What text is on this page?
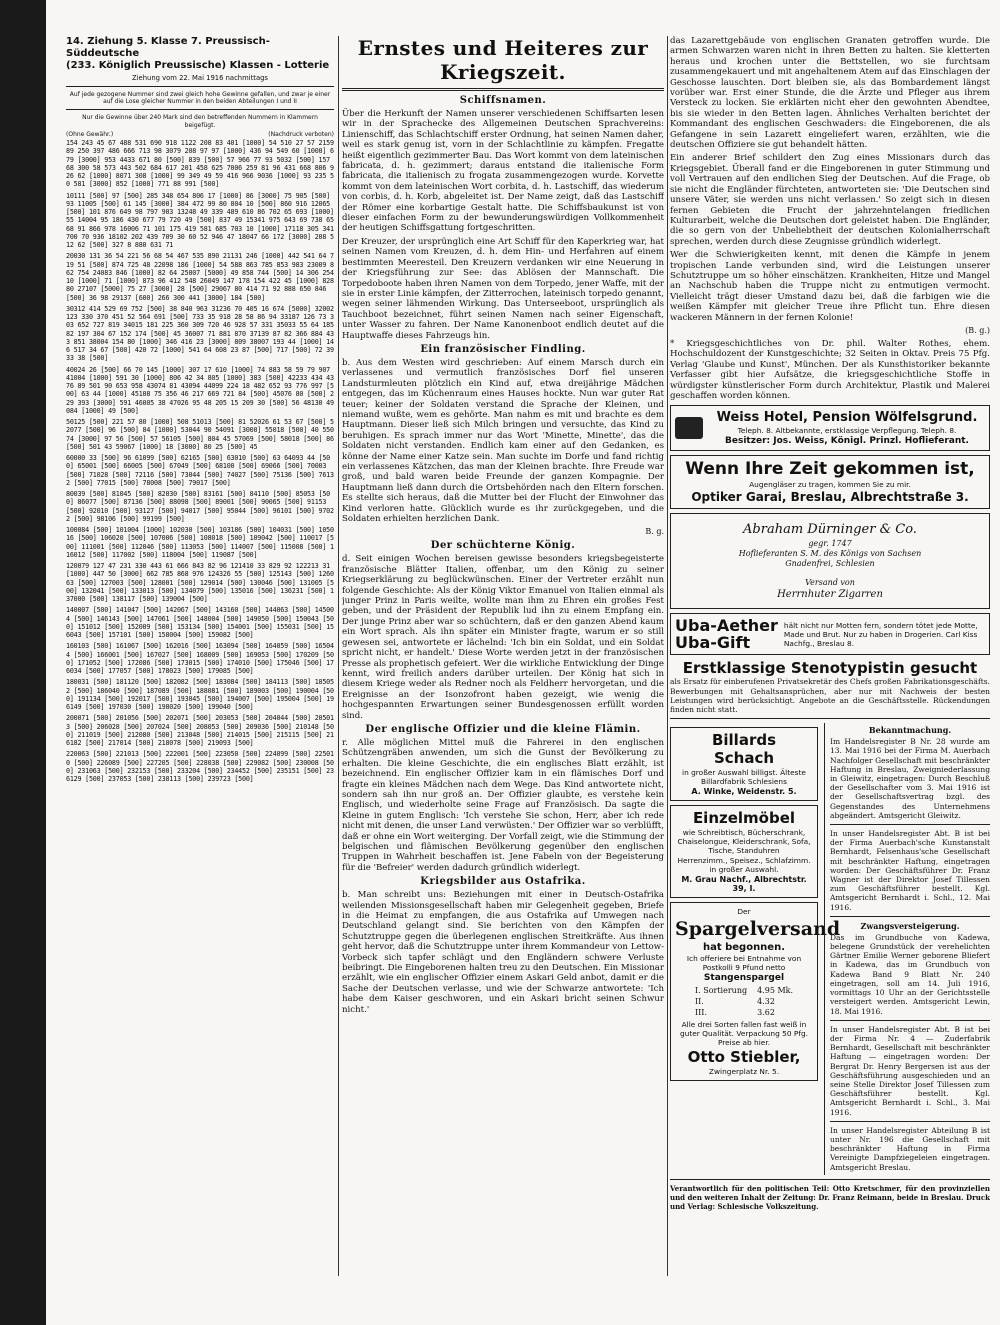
14. Ziehung 5. Klasse 7. Preussisch-Süddeutsche

(233. Königlich Preussische) Klassen - Lotterie

Ziehung vom 22. Mai 1916 nachmittags

Auf jede gezogene Nummer sind zwei gleich hohe Gewinne gefallen, und zwar je einer auf die Lose gleicher Nummer in den beiden Abteilungen I und II

Nur die Gewinne über 240 Mark sind den betreffenden Nummern in Klammern beigefügt.

(Ohne Gewähr.)	(Nachdruck verboten)

154 243 45 67 488 531 690 918 1122 208 83 401 [1000] 54 510 27 57 2159 89 250 397 486 666 713 98 3079 208 97 97 [1000] 436 94 549 60 [1000] 679 [3000] 953 4433 671 80 [500] 839 [500] 57 966 77 93 5032 [500] 157 68 300 58 573 443 502 684 617 201 458 625 7006 259 81 96 431 668 806 926 62 [1000] 8071 308 [1000] 99 349 49 59 416 966 9036 [1000] 93 235 50 581 [3000] 852 [1000] 771 88 991 [500]

10111 [500] 97 [500] 285 348 654 806 17 [1000] 86 [3000] 75 905 [500] 93 11005 [500] 61 145 [3000] 384 472 99 80 804 10 [500] 860 916 12065 [500] 101 876 649 98 797 903 13248 49 339 489 610 86 702 65 693 [1000] 55 14004 95 186 430 677 79 720 49 [500] 837 49 15341 975 643 69 738 65 68 91 866 978 16006 71 101 175 419 581 685 703 10 [1000] 17118 305 341 700 70 936 18102 202 439 709 30 60 52 946 47 18047 66 172 [3000] 208 512 62 [500] 327 8 880 631 71

20030 131 36 54 221 56 68 54 467 535 890 21131 246 [1000] 442 541 64 719 51 [500] 874 725 48 22098 186 [1000] 54 588 863 785 853 983 23009 862 754 24083 846 [1000] 82 64 25007 [5000] 49 858 744 [500] 14 306 25410 [1000] 71 [1000] 873 96 412 548 26049 147 178 154 422 45 [1000] 828 80 27107 [5000] 75 27 [3000] 28 [500] 29067 80 414 71 92 888 650 846 [500] 36 98 29137 [600] 266 300 441 [3000] 184 [500]

30312 414 529 69 752 [500] 38 840 963 31236 70 405 16 674 [5000] 32002 123 330 370 451 52 564 691 [500] 733 35 918 28 58 86 94 33187 126 73 303 652 727 819 34015 181 225 360 309 720 46 928 57 331 35033 55 64 185 82 197 304 67 152 174 [500] 45 36007 71 881 870 37139 87 82 366 884 433 851 38004 154 80 [1000] 346 416 23 [3000] 809 38007 193 44 [1000] 146 517 34 67 [500] 420 72 [1000] 541 64 608 23 87 [500] 717 [500] 72 39 33 38 [500]

40024 26 [500] 66 70 145 [1000] 307 17 610 [1000] 74 883 58 59 79 907 41004 [1000] 591 30 [1000] 806 42 34 805 [1000] 383 [500] 42233 434 43 76 89 501 90 653 958 43074 81 43094 44099 224 18 482 652 93 776 997 [500] 63 44 [1000] 45108 75 356 46 217 669 721 84 [500] 45076 80 [500] 229 393 [3000] 591 46005 38 47026 95 48 205 15 209 30 [500] 56 48130 49084 [1000] 49 [500]

50125 [500] 221 57 80 [1000] 508 51013 [500] 81 52026 61 53 67 [500] 52077 [500] 96 [500] 84 [1000] 53044 90 54091 [3000] 55018 [500] 40 55074 [3000] 97 56 [500] 57 56105 [500] 804 45 57069 [500] 58018 [500] 86 [500] 501 43 59067 [1000] 18 [3000] 80 25 [500] 45

60000 33 [500] 96 61099 [500] 62165 [500] 63010 [500] 63 64093 44 [500] 65001 [500] 66005 [500] 67049 [500] 68100 [500] 69066 [500] 70003 [500] 71028 [500] 72116 [500] 73044 [500] 74027 [500] 75136 [500] 76132 [500] 77015 [500] 78008 [500] 79017 [500]

80039 [500] 81045 [500] 82030 [500] 83161 [500] 84110 [500] 85053 [500] 86077 [500] 87136 [500] 88098 [500] 89001 [500] 90065 [500] 91153 [500] 92010 [500] 93127 [500] 94017 [500] 95044 [500] 96101 [500] 97022 [500] 98106 [500] 99199 [500]

100084 [500] 101004 [1000] 102030 [500] 103186 [500] 104031 [500] 105016 [500] 106020 [500] 107006 [500] 108018 [500] 109042 [500] 110017 [500] 111001 [500] 112046 [500] 113053 [500] 114007 [500] 115008 [500] 116012 [500] 117002 [500] 118004 [500] 119087 [500]

120079 127 47 231 330 443 61 666 843 82 96 121410 33 829 92 122213 31 [1000] 447 50 [3000] 662 785 868 976 124326 55 [500] 125143 [500] 126063 [500] 127003 [500] 128001 [500] 129014 [500] 130046 [500] 131005 [500] 132041 [500] 133013 [500] 134079 [500] 135016 [500] 136231 [500] 137000 [500] 138117 [500] 139004 [500]

140007 [500] 141047 [500] 142067 [500] 143160 [500] 144063 [500] 145004 [500] 146143 [500] 147061 [500] 148004 [500] 149050 [500] 150043 [500] 151012 [500] 152009 [500] 153134 [500] 154001 [500] 155031 [500] 156043 [500] 157101 [500] 158004 [500] 159082 [500]

160103 [500] 161067 [500] 162016 [500] 163094 [500] 164059 [500] 165044 [500] 166001 [500] 167027 [500] 168009 [500] 169053 [500] 170209 [500] 171052 [500] 172086 [500] 173015 [500] 174010 [500] 175046 [500] 176034 [500] 177057 [500] 178023 [500] 179085 [500]

180031 [500] 181120 [500] 182082 [500] 183084 [500] 184113 [500] 185052 [500] 186040 [500] 187089 [500] 188081 [500] 189003 [500] 190004 [500] 191134 [500] 192017 [500] 193045 [500] 194007 [500] 195004 [500] 196149 [500] 197030 [500] 198020 [500] 199040 [500]

200071 [500] 201056 [500] 202071 [500] 203053 [500] 204044 [500] 205013 [500] 206028 [500] 207024 [500] 208053 [500] 209036 [500] 210148 [500] 211019 [500] 212080 [500] 213048 [500] 214015 [500] 215115 [500] 216182 [500] 217014 [500] 218078 [500] 219093 [500]

220063 [500] 221013 [500] 222001 [500] 223050 [500] 224099 [500] 225010 [500] 226089 [500] 227205 [500] 228038 [500] 229082 [500] 230008 [500] 231063 [500] 232153 [500] 233204 [500] 234452 [500] 235151 [500] 236129 [500] 237053 [500] 238113 [500] 239723 [500]

Ernstes und Heiteres zur Kriegszeit.

Schiffsnamen.

Über die Herkunft der Namen unserer verschiedenen Schiffsarten lesen wir in der Sprachecke des Allgemeinen Deutschen Sprachvereins: Linienschiff, das Schlachtschiff erster Ordnung, hat seinen Namen daher, weil es stark genug ist, vorn in der Schlachtlinie zu kämpfen. Fregatte heißt eigentlich gezimmerter Bau. Das Wort kommt von dem lateinischen fabricata, d. h. gezimmert; daraus entstand die italienische Form fabricata, die italienisch zu frogata zusammengezogen wurde. Korvette kommt von dem lateinischen Wort corbita, d. h. Lastschiff, das wiederum von corbis, d. h. Korb, abgeleitet ist. Der Name zeigt, daß das Lastschiff der Römer eine korbartige Gestalt hatte. Die Schiffsbaukunst ist von dieser einfachen Form zu der bewunderungswürdigen Vollkommenheit der heutigen Schiffsgattung fortgeschritten.

Der Kreuzer, der ursprünglich eine Art Schiff für den Kaperkrieg war, hat seinen Namen vom Kreuzen, d. h. dem Hin- und Herfahren auf einem bestimmten Meeresteil. Den Kreuzern verdanken wir eine Neuerung in der Kriegsführung zur See: das Ablösen der Mannschaft. Die Torpedoboote haben ihren Namen von dem Torpedo, jener Waffe, mit der sie in erster Linie kämpfen, der Zitterrochen, lateinisch torpedo genannt, wegen seiner lähmenden Wirkung. Das Unterseeboot, ursprünglich als Tauchboot bezeichnet, führt seinen Namen nach seiner Eigenschaft, unter Wasser zu fahren. Der Name Kanonenboot endlich deutet auf die Hauptwaffe dieses Fahrzeugs hin.

Ein französischer Findling.

b. Aus dem Westen wird geschrieben: Auf einem Marsch durch ein verlassenes und vermutlich französisches Dorf fiel unseren Landsturmleuten plötzlich ein Kind auf, etwa dreijährige Mädchen entgegen, das im Küchenraum eines Hauses hockte. Nun war guter Rat teuer; keiner der Soldaten verstand die Sprache der Kleinen, und niemand wußte, wem es gehörte. Man nahm es mit und brachte es dem Hauptmann. Dieser ließ sich Milch bringen und versuchte, das Kind zu beruhigen. Es sprach immer nur das Wort 'Minette, Minette', das die Soldaten nicht verstanden. Endlich kam einer auf den Gedanken, es könne der Name einer Katze sein. Man suchte im Dorfe und fand richtig ein verlassenes Kätzchen, das man der Kleinen brachte. Ihre Freude war groß, und bald waren beide Freunde der ganzen Kompagnie. Der Hauptmann ließ dann durch die Ortsbehörden nach den Eltern forschen. Es stellte sich heraus, daß die Mutter bei der Flucht der Einwohner das Kind verloren hatte. Glücklich wurde es ihr zurückgegeben, und die Soldaten erhielten herzlichen Dank.

B. g.

Der schüchterne König.

d. Seit einigen Wochen bereisen gewisse besonders kriegsbegeisterte französische Blätter Italien, offenbar, um den König zu seiner Kriegserklärung zu beglückwünschen. Einer der Vertreter erzählt nun folgende Geschichte: Als der König Viktor Emanuel von Italien einmal als junger Prinz in Paris weilte, wollte man ihm zu Ehren ein großes Fest geben, und der Präsident der Republik lud ihn zu einem Empfang ein. Der junge Prinz aber war so schüchtern, daß er den ganzen Abend kaum ein Wort sprach. Als ihn später ein Minister fragte, warum er so still gewesen sei, antwortete er lächelnd: 'Ich bin ein Soldat, und ein Soldat spricht nicht, er handelt.' Diese Worte werden jetzt in der französischen Presse als prophetisch gefeiert. Wer die wirkliche Entwicklung der Dinge kennt, wird freilich anders darüber urteilen. Der König hat sich in diesem Kriege weder als Redner noch als Feldherr hervorgetan, und die Ereignisse an der Isonzofront haben gezeigt, wie wenig die hochgespannten Erwartungen seiner Bundesgenossen erfüllt worden sind.

Der englische Offizier und die kleine Flämin.

r. Alle möglichen Mittel muß die Fahrerei in den englischen Schützengräben anwenden, um sich die Gunst der Bevölkerung zu erhalten. Die kleine Geschichte, die ein englisches Blatt erzählt, ist bezeichnend. Ein englischer Offizier kam in ein flämisches Dorf und fragte ein kleines Mädchen nach dem Wege. Das Kind antwortete nicht, sondern sah ihn nur groß an. Der Offizier glaubte, es verstehe kein Englisch, und wiederholte seine Frage auf Französisch. Da sagte die Kleine in gutem Englisch: 'Ich verstehe Sie schon, Herr, aber ich rede nicht mit denen, die unser Land verwüsten.' Der Offizier war so verblüfft, daß er ohne ein Wort weiterging. Der Vorfall zeigt, wie die Stimmung der belgischen und flämischen Bevölkerung gegenüber den englischen Truppen in Wahrheit beschaffen ist. Jene Fabeln von der Begeisterung für die 'Befreier' werden dadurch gründlich widerlegt.

Kriegsbilder aus Ostafrika.

b. Man schreibt uns: Beziehungen mit einer in Deutsch-Ostafrika weilenden Missionsgesellschaft haben mir Gelegenheit gegeben, Briefe in die Heimat zu empfangen, die aus Ostafrika auf Umwegen nach Deutschland gelangt sind. Sie berichten von den Kämpfen der Schutztruppe gegen die überlegenen englischen Streitkräfte. Aus ihnen geht hervor, daß die Schutztruppe unter ihrem Kommandeur von Lettow-Vorbeck sich tapfer schlägt und den Engländern schwere Verluste beibringt. Die Eingeborenen halten treu zu den Deutschen. Ein Missionar erzählt, wie ein englischer Offizier einem Askari Geld anbot, damit er die Sache der Deutschen verlasse, und wie der Schwarze antwortete: 'Ich habe dem Kaiser geschworen, und ein Askari bricht seinen Schwur nicht.'

das Lazarettgebäude von englischen Granaten getroffen wurde. Die armen Schwarzen waren nicht in ihren Betten zu halten. Sie kletterten heraus und krochen unter die Bettstellen, wo sie furchtsam zusammengekauert und mit angehaltenem Atem auf das Einschlagen der Geschosse lauschten. Dort bleiben sie, als das Bombardement längst vorüber war. Erst einer Stunde, die die Ärzte und Pfleger aus ihrem Versteck zu locken. Sie erklärten nicht eher den gewohnten Abendtee, bis sie wieder in den Betten lagen. Ähnliches Verhalten berichtet der Kommandant des englischen Geschwaders: die Eingeborenen, die als Gefangene in sein Lazarett eingeliefert waren, erzählten, wie die deutschen Offiziere sie gut behandelt hätten.

Ein anderer Brief schildert den Zug eines Missionars durch das Kriegsgebiet. Überall fand er die Eingeborenen in guter Stimmung und voll Vertrauen auf den endlichen Sieg der Deutschen. Auf die Frage, ob sie nicht die Engländer fürchteten, antworteten sie: 'Die Deutschen sind unsere Väter, sie werden uns nicht verlassen.' So zeigt sich in diesen fernen Gebieten die Frucht der jahrzehntelangen friedlichen Kulturarbeit, welche die Deutschen dort geleistet haben. Die Engländer, die so gern von der Unbeliebtheit der deutschen Kolonialherrschaft sprechen, werden durch diese Zeugnisse gründlich widerlegt.

Wer die Schwierigkeiten kennt, mit denen die Kämpfe in jenem tropischen Lande verbunden sind, wird die Leistungen unserer Schutztruppe um so höher einschätzen. Krankheiten, Hitze und Mangel an Nachschub haben die Truppe nicht zu entmutigen vermocht. Vielleicht trägt dieser Umstand dazu bei, daß die farbigen wie die weißen Kämpfer mit gleicher Treue ihre Pflicht tun. Ehre diesen wackeren Männern in der fernen Kolonie!

(B. g.)

* Kriegsgeschichtliches von Dr. phil. Walter Rothes, ehem. Hochschuldozent der Kunstgeschichte; 32 Seiten in Oktav. Preis 75 Pfg. Verlag 'Glaube und Kunst', München. Der als Kunsthistoriker bekannte Verfasser gibt hier Aufsätze, die kriegsgeschichtliche Stoffe in würdigster künstlerischer Form durch Architektur, Plastik und Malerei geschaffen worden können.

Weiss Hotel, Pension Wölfelsgrund.

Teleph. 8. Altbekannte, erstklassige Verpflegung. Teleph. 8.

Besitzer: Jos. Weiss, Königl. Prinzl. Hoflieferant.

Wenn Ihre Zeit gekommen ist,

Augengläser zu tragen, kommen Sie zu mir.

Optiker Garai, Breslau, Albrechtstraße 3.

Abraham Dürninger & Co.

gegr. 1747

Hoflieferanten S. M. des Königs von Sachsen

Gnadenfrei, Schlesien

Versand von

Herrnhuter Zigarren

Uba-Aether
Uba-Gift

hält nicht nur Motten fern, sondern tötet jede Motte, Made und Brut. Nur zu haben in Drogerien. Carl Kiss Nachfg., Breslau 8.

Erstklassige Stenotypistin gesucht

als Ersatz für einberufenen Privatsekretär des Chefs großen Fabrikationsgeschäfts. Bewerbungen mit Gehaltsansprüchen, aber nur mit Nachweis der besten Leistungen wird berücksichtigt. Angebote an die Geschäftsstelle. Rückendungen finden nicht statt.

Billards

Schach

in großer Auswahl billigst. Älteste Billardfabrik Schlesiens

A. Winke, Weidenstr. 5.

Einzelmöbel

wie Schreibtisch, Bücherschrank, Chaiselongue, Kleiderschrank, Sofa, Tische, Standuhren

Herrenzimm., Speisez., Schlafzimm. in großer Auswahl.

M. Grau Nachf., Albrechtstr. 39, I.

Der

Spargelversand

hat begonnen.

Ich offeriere bei Entnahme von Postkolli 9 Pfund netto

Stangenspargel

I. Sortierung	4.95 Mk.
II.	4.32
III.	3.62

Alle drei Sorten fallen fast weiß in guter Qualität. Verpackung 50 Pfg. Preise ab hier.

Otto Stiebler,

Zwingerplatz Nr. 5.

Bekanntmachung.

Im Handelsregister B Nr. 28 wurde am 13. Mai 1916 bei der Firma M. Auerbach Nachfolger Gesellschaft mit beschränkter Haftung in Breslau, Zweigniederlassung in Gleiwitz, eingetragen: Durch Beschluß der Gesellschafter vom 3. Mai 1916 ist der Gesellschaftsvertrag bzgl. des Gegenstandes des Unternehmens abgeändert. Amtsgericht Gleiwitz.

In unser Handelsregister Abt. B ist bei der Firma Auerbach'sche Kunstanstalt Bernhardt, Felsenhaus'sche Gesellschaft mit beschränkter Haftung, eingetragen worden: Der Geschäftsführer Dr. Franz Wagner ist der Direktor Josef Tillessen zum Geschäftsführer bestellt. Kgl. Amtsgericht Bernhardt i. Schl., 12. Mai 1916.

Zwangsversteigerung.

Das im Grundbuche von Kadewa, belegene Grundstück der verehelichten Gärtner Emilie Werner geborene Bliefert in Kadewa, das im Grundbuch von Kadewa Band 9 Blatt Nr. 240 eingetragen, soll am 14. Juli 1916, vormittags 10 Uhr an der Gerichtsstelle versteigert werden. Amtsgericht Lewin, 18. Mai 1916.

In unser Handelsregister Abt. B ist bei der Firma Nr. 4 — Zuderfabrik Bernhardt, Gesellschaft mit beschränkter Haftung — eingetragen worden: Der Bergrat Dr. Henry Bergersen ist aus der Geschäftsführung ausgeschieden und an seine Stelle Direktor Josef Tillessen zum Geschäftsführer bestellt. Kgl. Amtsgericht Bernhardt i. Schl., 3. Mai 1916.

In unser Handelsregister Abteilung B ist unter Nr. 196 die Gesellschaft mit beschränkter Haftung in Firma Vereinigte Dampfziegeleien eingetragen. Amtsgericht Breslau.

Verantwortlich für den politischen Teil: Otto Kretschmer, für den provinziellen und den weiteren Inhalt der Zeitung: Dr. Franz Reimann, beide in Breslau. Druck und Verlag: Schlesische Volkszeitung.
